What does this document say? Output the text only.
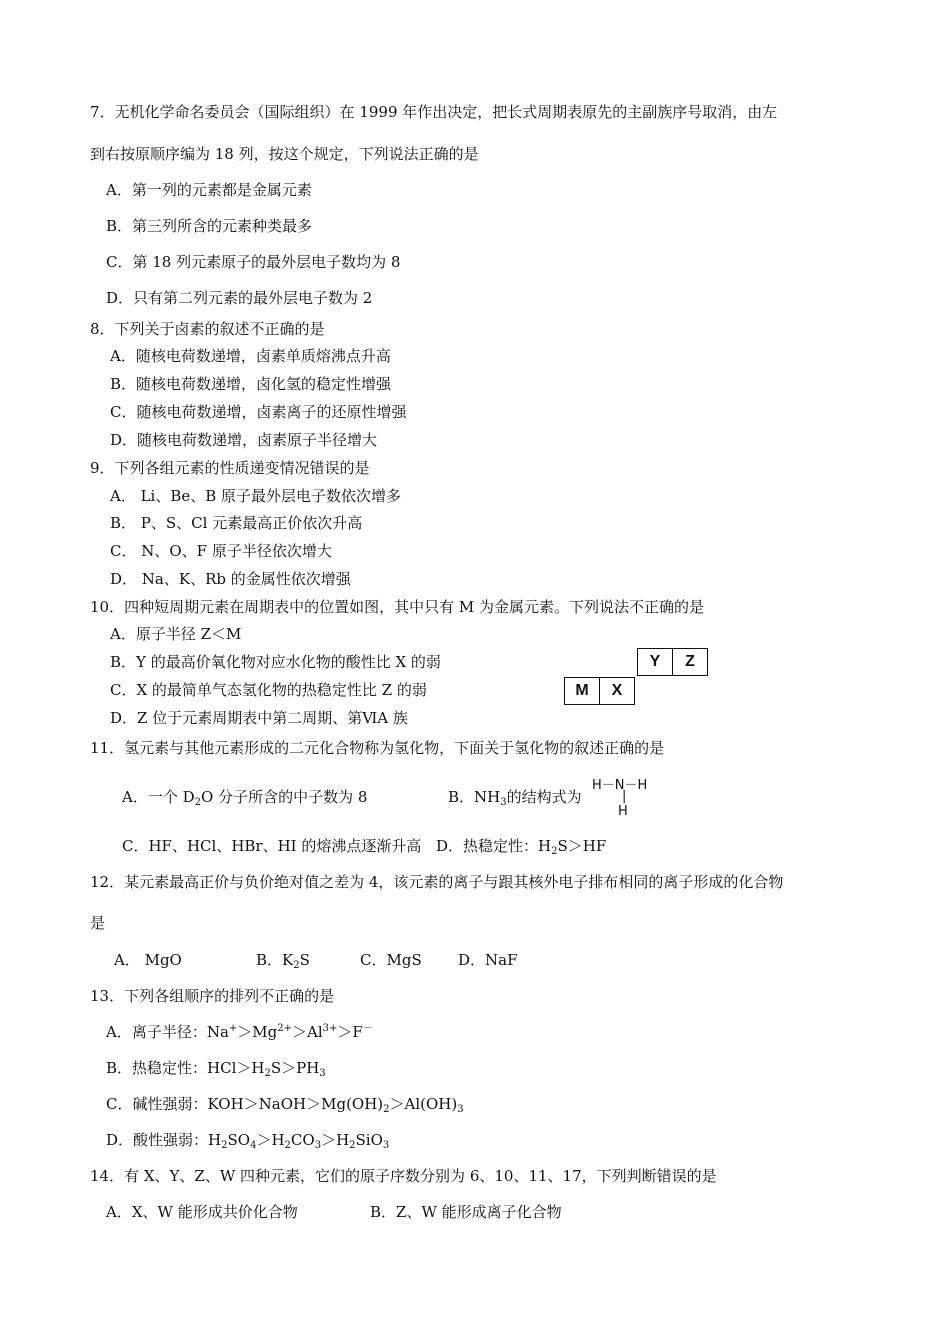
7．无机化学命名委员会（国际组织）在 1999 年作出决定，把长式周期表原先的主副族序号取消，由左
到右按原顺序编为 18 列，按这个规定，下列说法正确的是
A．第一列的元素都是金属元素
B．第三列所含的元素种类最多
C．第 18 列元素原子的最外层电子数均为 8
D．只有第二列元素的最外层电子数为 2
8．下列关于卤素的叙述不正确的是
A．随核电荷数递增，卤素单质熔沸点升高
B．随核电荷数递增，卤化氢的稳定性增强
C．随核电荷数递增，卤素离子的还原性增强
D．随核电荷数递增，卤素原子半径增大
9．下列各组元素的性质递变情况错误的是
A． Li、Be、B 原子最外层电子数依次增多
B． P、S、Cl 元素最高正价依次升高
C． N、O、F 原子半径依次增大
D． Na、K、Rb 的金属性依次增强
10．四种短周期元素在周期表中的位置如图，其中只有 M 为金属元素。下列说法不正确的是
A．原子半径 Z＜M
B．Y 的最高价氧化物对应水化物的酸性比 X 的弱
C．X 的最简单气态氢化物的热稳定性比 Z 的弱
D．Z 位于元素周期表中第二周期、第ⅥA 族
Y	Z
M	X
11．氢元素与其他元素形成的二元化合物称为氢化物，下面关于氢化物的叙述正确的是
A．一个 $D_2O$ 分子所含的中子数为 8	B．$NH_3$的结构式为
H－N－H
|
H
C．HF、HCl、HBr、HI 的熔沸点逐渐升高 D．热稳定性：$H_2S>HF$
12．某元素最高正价与负价绝对值之差为 4，该元素的离子与跟其核外电子排布相同的离子形成的化合物
是
A． MgO	B．$K_2S$	C．MgS D．NaF
13．下列各组顺序的排列不正确的是
A．离子半径：$Na^+>Mg^{2+}>Al^{3+}>F^-$
B．热稳定性：$HCl>H_2S>PH_3$
C．碱性强弱：$KOH>NaOH>Mg(OH)_2>Al(OH)_3$
D．酸性强弱：$H_2SO_4>H_2CO_3>H_2SiO_3$
14．有 X、Y、Z、W 四种元素，它们的原子序数分别为 6、10、11、17，下列判断错误的是
A．X、W 能形成共价化合物	B．Z、W 能形成离子化合物
